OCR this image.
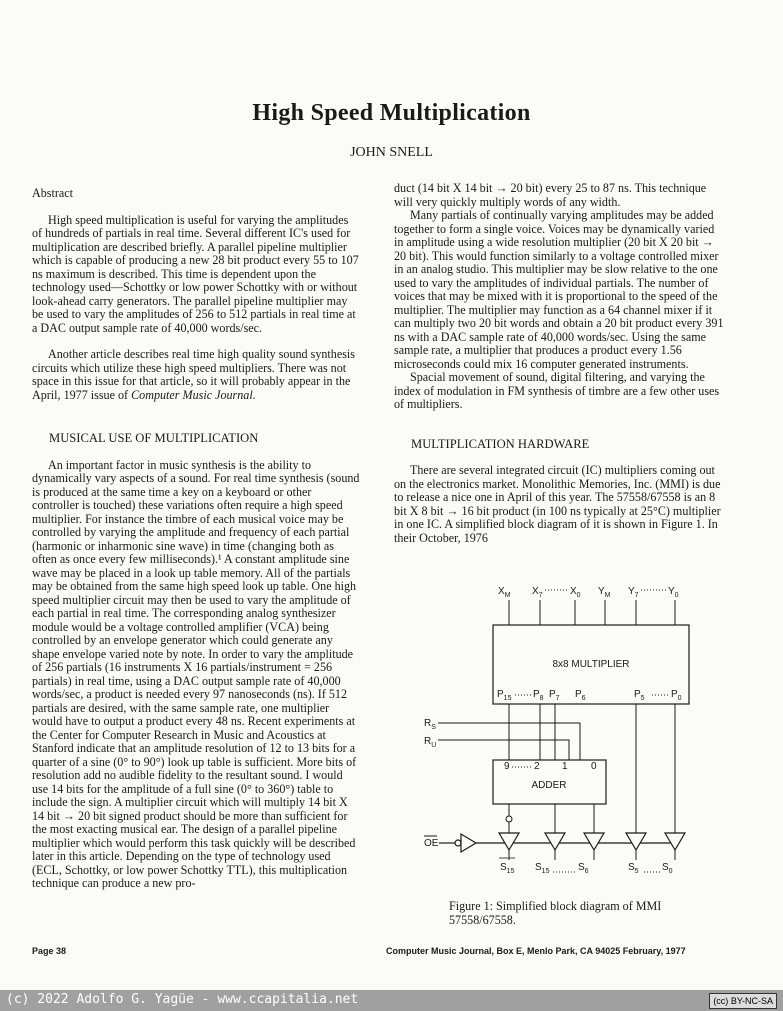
High Speed Multiplication
JOHN SNELL

Abstract

High speed multiplication is useful for varying the amplitudes of hundreds of partials in real time. Several different IC's used for multiplication are described briefly. A parallel pipeline multiplier which is capable of producing a new 28 bit product every 55 to 107 ns maximum is described. This time is dependent upon the technology used—Schottky or low power Schottky with or without look-ahead carry generators. The parallel pipeline multiplier may be used to vary the amplitudes of 256 to 512 partials in real time at a DAC output sample rate of 40,000 words/sec.

Another article describes real time high quality sound synthesis circuits which utilize these high speed multipliers. There was not space in this issue for that article, so it will probably appear in the April, 1977 issue of Computer Music Journal.

MUSICAL USE OF MULTIPLICATION

An important factor in music synthesis is the ability to dynamically vary aspects of a sound. For real time synthesis (sound is produced at the same time a key on a keyboard or other controller is touched) these variations often require a high speed multiplier. For instance the timbre of each musical voice may be controlled by varying the amplitude and frequency of each partial (harmonic or inharmonic sine wave) in time (changing both as often as once every few milliseconds).¹ A constant amplitude sine wave may be placed in a look up table memory. All of the partials may be obtained from the same high speed look up table. One high speed multiplier circuit may then be used to vary the amplitude of each partial in real time. The corresponding analog synthesizer module would be a voltage controlled amplifier (VCA) being controlled by an envelope generator which could generate any shape envelope varied note by note. In order to vary the amplitude of 256 partials (16 instruments X 16 partials/instrument = 256 partials) in real time, using a DAC output sample rate of 40,000 words/sec, a product is needed every 97 nanoseconds (ns). If 512 partials are desired, with the same sample rate, one multiplier would have to output a product every 48 ns. Recent experiments at the Center for Computer Research in Music and Acoustics at Stanford indicate that an amplitude resolution of 12 to 13 bits for a quarter of a sine (0° to 90°) look up table is sufficient. More bits of resolution add no audible fidelity to the resultant sound. I would use 14 bits for the amplitude of a full sine (0° to 360°) table to include the sign. A multiplier circuit which will multiply 14 bit X 14 bit → 20 bit signed product should be more than sufficient for the most exacting musical ear. The design of a parallel pipeline multiplier which would perform this task quickly will be described later in this article. Depending on the type of technology used (ECL, Schottky, or low power Schottky TTL), this multiplication technique can produce a new pro-

duct (14 bit X 14 bit → 20 bit) every 25 to 87 ns. This technique will very quickly multiply words of any width.

Many partials of continually varying amplitudes may be added together to form a single voice. Voices may be dynamically varied in amplitude using a wide resolution multiplier (20 bit X 20 bit → 20 bit). This would function similarly to a voltage controlled mixer in an analog studio. This multiplier may be slow relative to the one used to vary the amplitudes of individual partials. The number of voices that may be mixed with it is proportional to the speed of the multiplier. The multiplier may function as a 64 channel mixer if it can multiply two 20 bit words and obtain a 20 bit product every 391 ns with a DAC sample rate of 40,000 words/sec. Using the same sample rate, a multiplier that produces a product every 1.56 microseconds could mix 16 computer generated instruments.

Spacial movement of sound, digital filtering, and varying the index of modulation in FM synthesis of timbre are a few other uses of multipliers.

MULTIPLICATION HARDWARE

There are several integrated circuit (IC) multipliers coming out on the electronics market. Monolithic Memories, Inc. (MMI) is due to release a nice one in April of this year. The 57558/67558 is an 8 bit X 8 bit → 16 bit product (in 100 ns typically at 25°C) multiplier in one IC. A simplified block diagram of it is shown in Figure 1. In their October, 1976

$X_M$ $X_7$	$X_0$ $Y_M$ $Y_7$	$Y_0$
8x8 MULTIPLIER
$P_{15}$ $P_8$ $P_7$ $P_6$	$P_5$	$P_0$
$R_S$
$R_U$
9 2 1 0
ADDER
OE
$S_{15}$ $S_{15}$	$S_6$	$S_5$ $S_0$
Figure 1: Simplified block diagram of MMI 57558/67558.
Page 38	Computer Music Journal, Box E, Menlo Park, CA 94025 February, 1977
(c) 2022 Adolfo G. Yagüe - www.ccapitalia.net	(cc) BY-NC-SA
